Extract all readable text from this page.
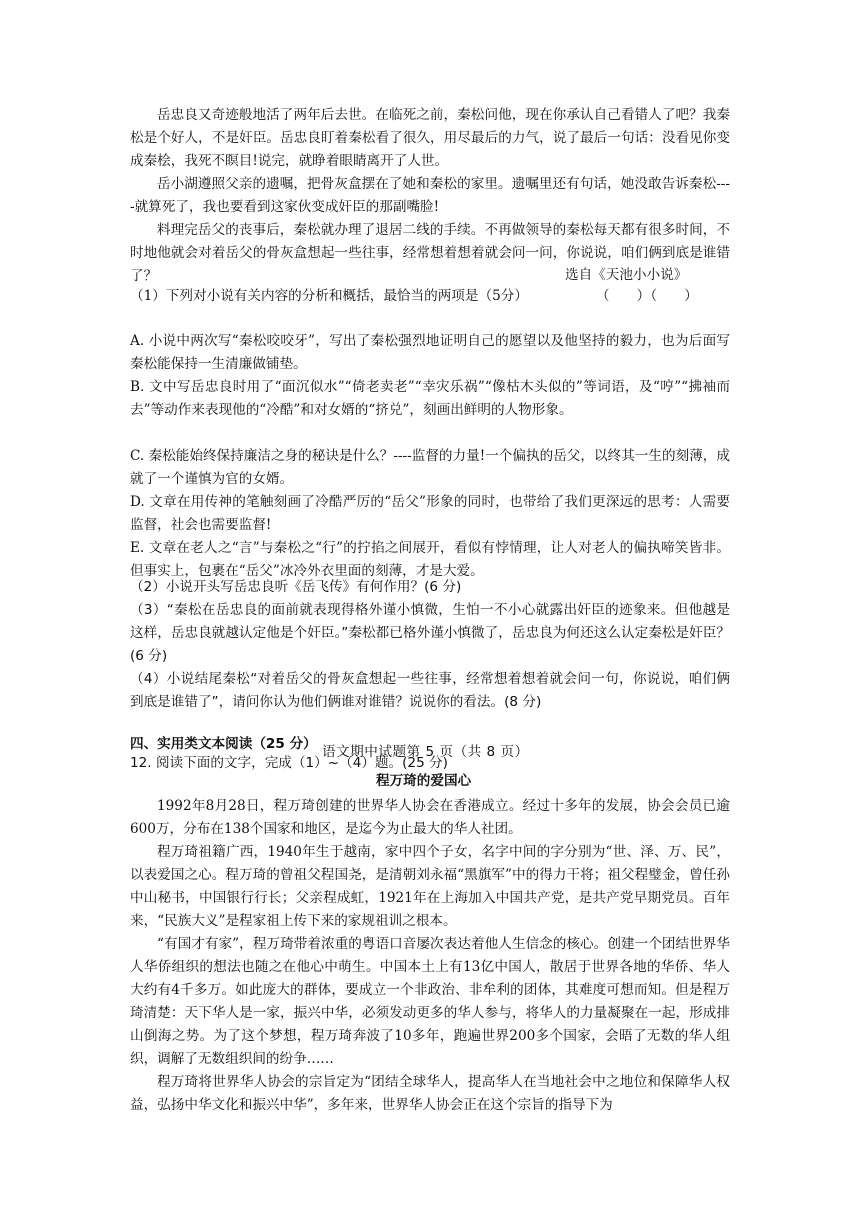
岳忠良又奇迹般地活了两年后去世。在临死之前，秦松问他，现在你承认自己看错人了吧？我秦松是个好人，不是奸臣。岳忠良盯着秦松看了很久，用尽最后的力气，说了最后一句话：没看见你变成秦桧，我死不瞑目!说完，就睁着眼睛离开了人世。

岳小湖遵照父亲的遗嘱，把骨灰盒摆在了她和秦松的家里。遗嘱里还有句话，她没敢告诉秦松----就算死了，我也要看到这家伙变成奸臣的那副嘴脸!

料理完岳父的丧事后，秦松就办理了退居二线的手续。不再做领导的秦松每天都有很多时间，不时地他就会对着岳父的骨灰盒想起一些往事，经常想着想着就会问一问，你说说，咱们俩到底是谁错了？	选自《天池小小说》

（1）下列对小说有关内容的分析和概括，最恰当的两项是（5分）　　　　　　（　　）（　　）

A. 小说中两次写“秦松咬咬牙”，写出了秦松强烈地证明自己的愿望以及他坚持的毅力，也为后面写秦松能保持一生清廉做铺垫。

B. 文中写岳忠良时用了“面沉似水”“倚老卖老”“幸灾乐祸”“像枯木头似的”等词语，及“哼”“拂袖而去”等动作来表现他的“冷酷”和对女婿的“挤兑”，刻画出鲜明的人物形象。

C. 秦松能始终保持廉洁之身的秘诀是什么？----监督的力量!一个偏执的岳父，以终其一生的刻薄，成就了一个谨慎为官的女婿。

D. 文章在用传神的笔触刻画了冷酷严厉的“岳父”形象的同时，也带给了我们更深远的思考：人需要监督，社会也需要监督!

E. 文章在老人之“言”与秦松之“行”的拧掐之间展开，看似有悖情理，让人对老人的偏执啼笑皆非。但事实上，包裹在“岳父”冰冷外衣里面的刻薄，才是大爱。

（2）小说开头写岳忠良听《岳飞传》有何作用？(6 分)

（3）“秦松在岳忠良的面前就表现得格外谨小慎微，生怕一不小心就露出奸臣的迹象来。但他越是这样，岳忠良就越认定他是个奸臣。”秦松都已格外谨小慎微了，岳忠良为何还这么认定秦松是奸臣？(6 分)

（4）小说结尾秦松“对着岳父的骨灰盒想起一些往事，经常想着想着就会问一句，你说说，咱们俩到底是谁错了”，请问你认为他们俩谁对谁错？说说你的看法。(8 分)

四、实用类文本阅读（25 分）

12. 阅读下面的文字，完成（1）~（4）题。(25 分)

语文期中试题第 5 页（共 8 页）
程万琦的爱国心

1992年8月28日，程万琦创建的世界华人协会在香港成立。经过十多年的发展，协会会员已逾600万，分布在138个国家和地区，是迄今为止最大的华人社团。

程万琦祖籍广西，1940年生于越南，家中四个子女，名字中间的字分别为“世、泽、万、民”，以表爱国之心。程万琦的曾祖父程国尧，是清朝刘永福“黑旗军”中的得力干将；祖父程璧金，曾任孙中山秘书，中国银行行长；父亲程成虹，1921年在上海加入中国共产党，是共产党早期党员。百年来，“民族大义”是程家祖上传下来的家规祖训之根本。

“有国才有家”，程万琦带着浓重的粤语口音屡次表达着他人生信念的核心。创建一个团结世界华人华侨组织的想法也随之在他心中萌生。中国本土上有13亿中国人，散居于世界各地的华侨、华人大约有4千多万。如此庞大的群体，要成立一个非政治、非牟利的团体，其难度可想而知。但是程万琦清楚：天下华人是一家，振兴中华，必须发动更多的华人参与，将华人的力量凝聚在一起，形成排山倒海之势。为了这个梦想，程万琦奔波了10多年，跑遍世界200多个国家，会晤了无数的华人组织，调解了无数组织间的纷争……

程万琦将世界华人协会的宗旨定为“团结全球华人，提高华人在当地社会中之地位和保障华人权益，弘扬中华文化和振兴中华”，多年来，世界华人协会正在这个宗旨的指导下为
